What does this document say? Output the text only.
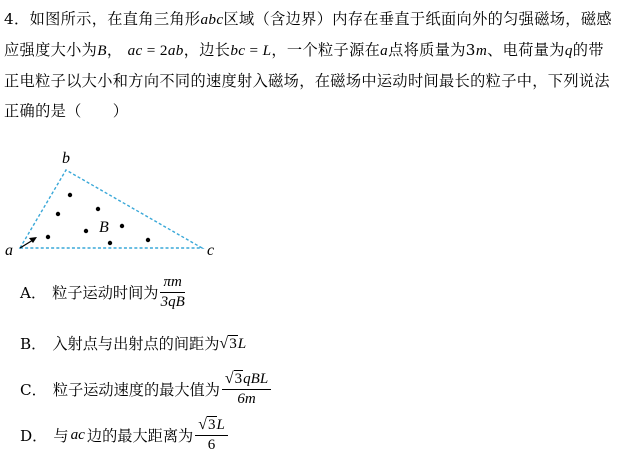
4．如图所示，在直角三角形abc区域（含边界）内存在垂直于纸面向外的匀强磁场，磁感应强度大小为B， ac = 2ab，边长bc = L，一个粒子源在a点将质量为3m、电荷量为q的带正电粒子以大小和方向不同的速度射入磁场，在磁场中运动时间最长的粒子中，下列说法正确的是（　　）
a
b
c
B
A． 粒子运动时间为 $\frac{\pi m}{3qB}$
B． 入射点与出射点的间距为 √ 3 L
C． 粒子运动速度的最大值为 $\frac{\text{√ 3 qBL}}{6m}$
D． 与 ac 边的最大距离为 $\frac{√ 3 L}{6}$
